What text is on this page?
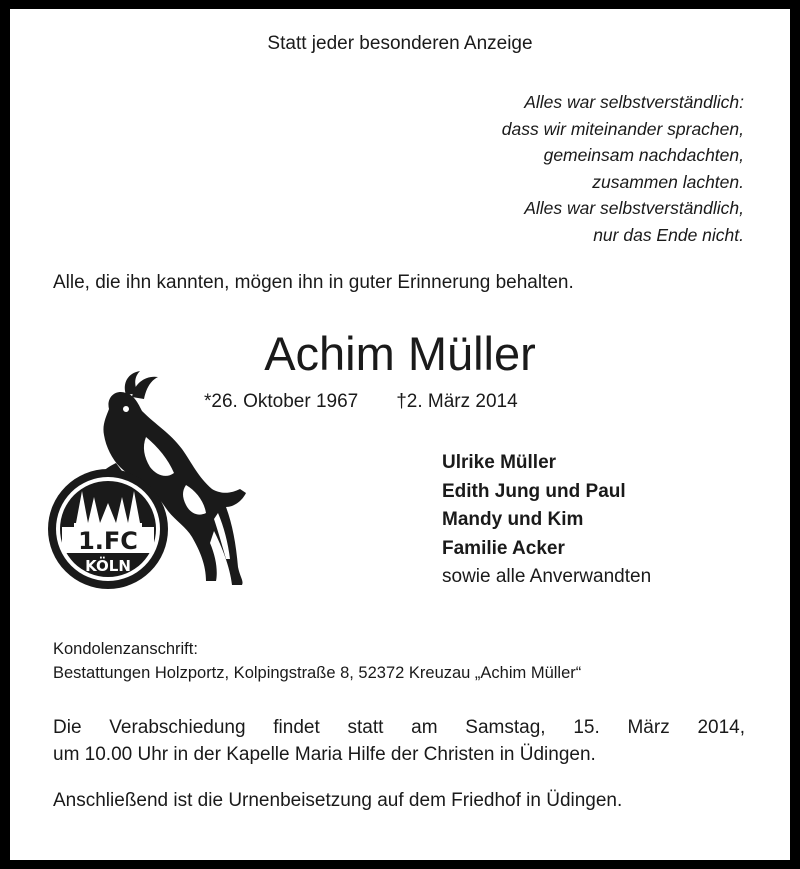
Statt jeder besonderen Anzeige

Alles war selbstverständlich:
dass wir miteinander sprachen,
gemeinsam nachdachten,
zusammen lachten.
Alles war selbstverständlich,
nur das Ende nicht.

Alle, die ihn kannten, mögen ihn in guter Erinnerung behalten.

Achim Müller

*26. Oktober 1967 †2. März 2014

1.FC
KÖLN
Ulrike Müller
Edith Jung und Paul
Mandy und Kim
Familie Acker
sowie alle Anverwandten
Kondolenzanschrift:
Bestattungen Holzportz, Kolpingstraße 8, 52372 Kreuzau „Achim Müller“
Die Verabschiedung findet statt am Samstag, 15. März 2014,
um 10.00 Uhr in der Kapelle Maria Hilfe der Christen in Üdingen.

Anschließend ist die Urnenbeisetzung auf dem Friedhof in Üdingen.
